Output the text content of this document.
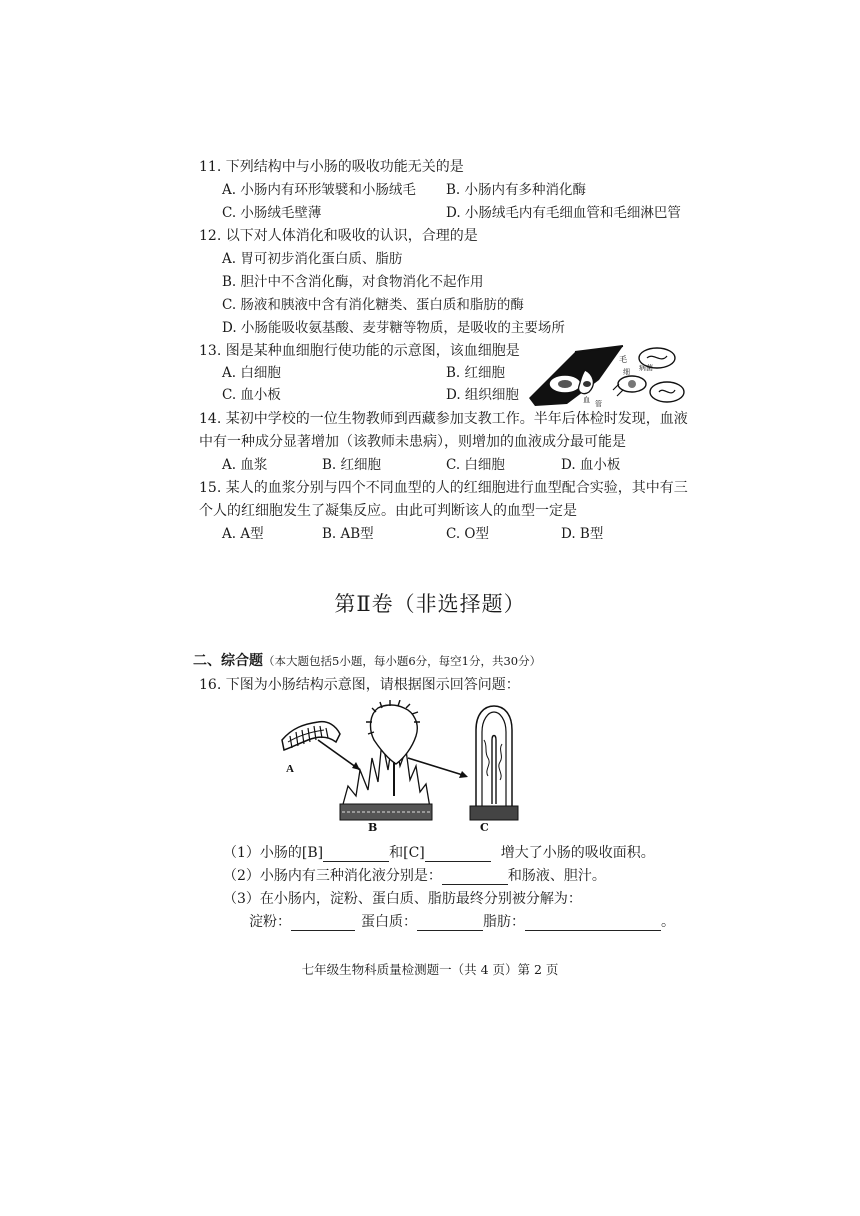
11. 下列结构中与小肠的吸收功能无关的是
A. 小肠内有环形皱襞和小肠绒毛 B. 小肠内有多种消化酶
C. 小肠绒毛壁薄	D. 小肠绒毛内有毛细血管和毛细淋巴管
12. 以下对人体消化和吸收的认识，合理的是
A. 胃可初步消化蛋白质、脂肪
B. 胆汁中不含消化酶，对食物消化不起作用
C. 肠液和胰液中含有消化糖类、蛋白质和脂肪的酶
D. 小肠能吸收氨基酸、麦芽糖等物质，是吸收的主要场所
13. 图是某种血细胞行使功能的示意图，该血细胞是
A. 白细胞	B. 红细胞
C. 血小板	D. 组织细胞
毛
细
血 管
病菌
14. 某初中学校的一位生物教师到西藏参加支教工作。半年后体检时发现，血液
中有一种成分显著增加（该教师未患病），则增加的血液成分最可能是
A. 血浆	B. 红细胞	C. 白细胞	D. 血小板
15. 某人的血浆分别与四个不同血型的人的红细胞进行血型配合实验，其中有三
个人的红细胞发生了凝集反应。由此可判断该人的血型一定是
A. A型	B. AB型	C. O型	D. B型
第Ⅱ卷（非选择题）
二、综合题（本大题包括5小题，每小题6分，每空1分，共30分）
16. 下图为小肠结构示意图，请根据图示回答问题：
A
B	C
（1）小肠的[B]	和[C]	增大了小肠的吸收面积。
（2）小肠内有三种消化液分别是：	和肠液、胆汁。
（3）在小肠内，淀粉、蛋白质、脂肪最终分别被分解为：
淀粉：	蛋白质：	脂肪：	。
七年级生物科质量检测题一（共 4 页）第 2 页
